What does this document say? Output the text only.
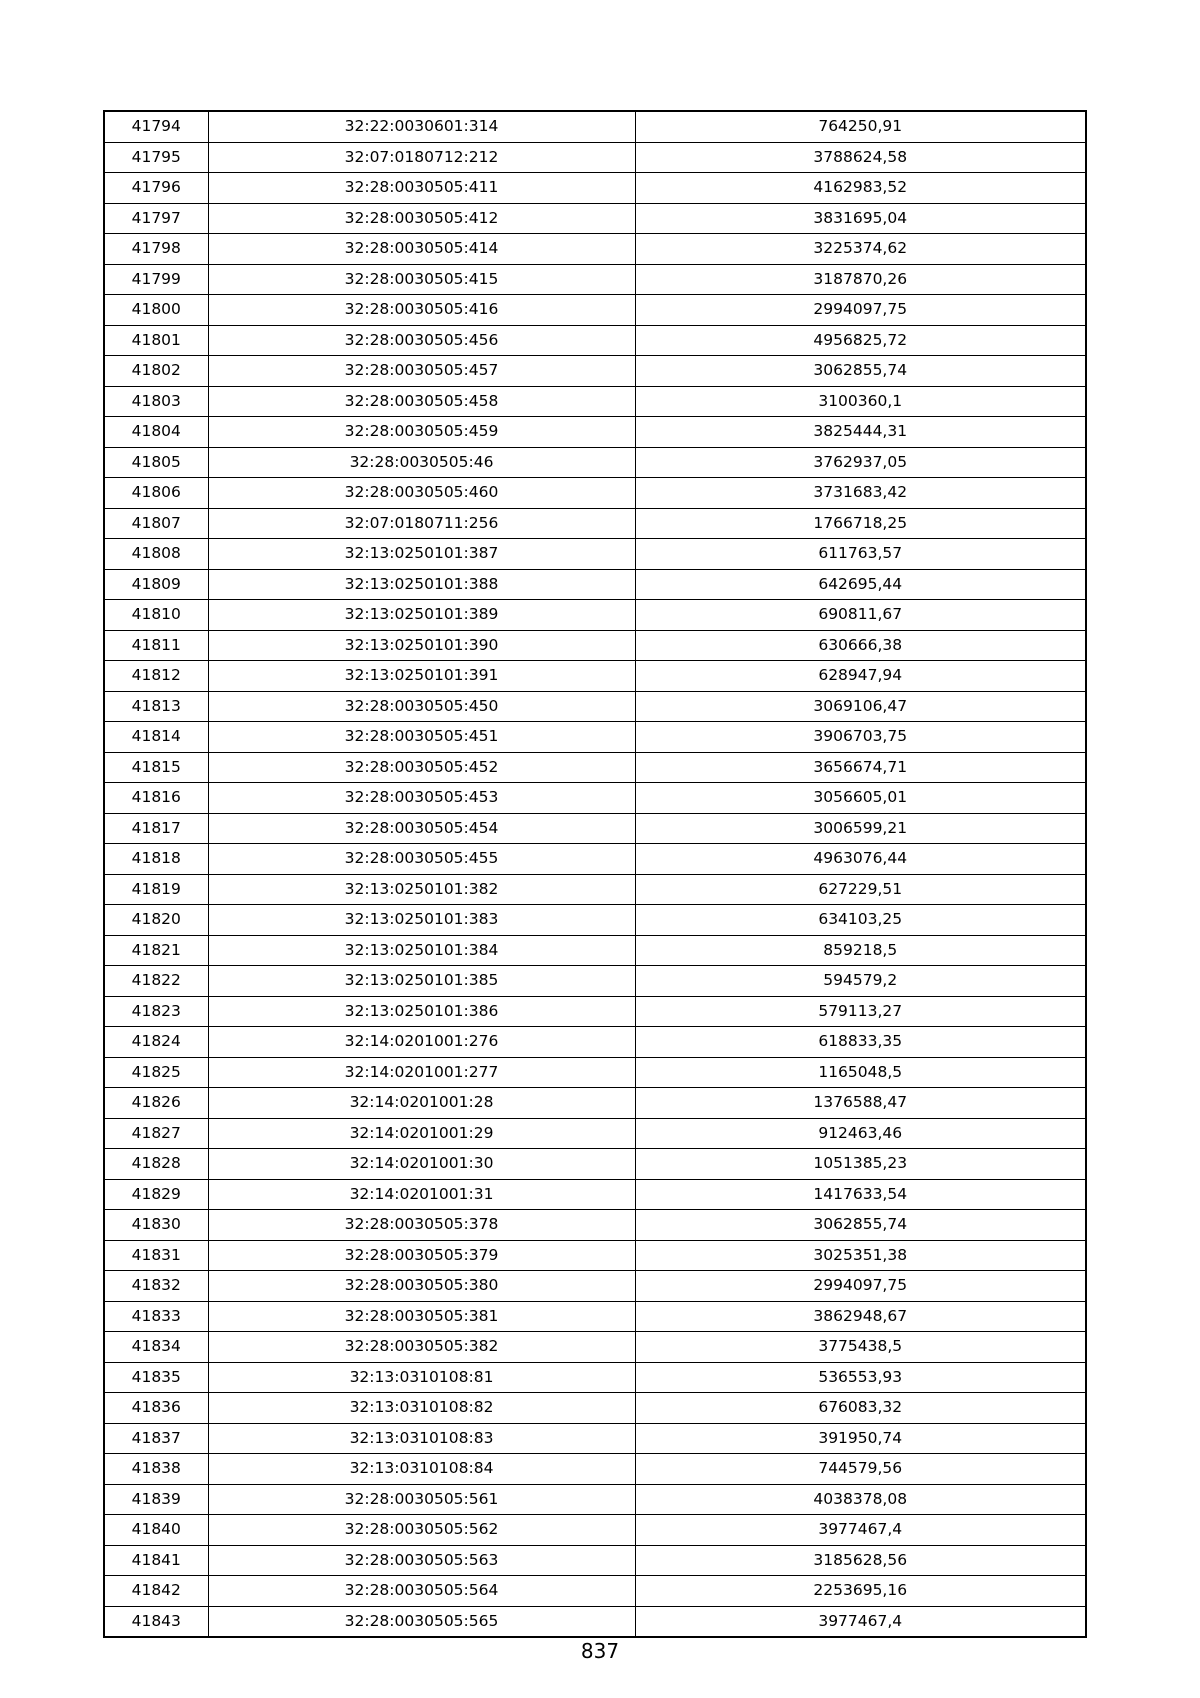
41794	32:22:0030601:314	764250,91
41795	32:07:0180712:212	3788624,58
41796	32:28:0030505:411	4162983,52
41797	32:28:0030505:412	3831695,04
41798	32:28:0030505:414	3225374,62
41799	32:28:0030505:415	3187870,26
41800	32:28:0030505:416	2994097,75
41801	32:28:0030505:456	4956825,72
41802	32:28:0030505:457	3062855,74
41803	32:28:0030505:458	3100360,1
41804	32:28:0030505:459	3825444,31
41805	32:28:0030505:46	3762937,05
41806	32:28:0030505:460	3731683,42
41807	32:07:0180711:256	1766718,25
41808	32:13:0250101:387	611763,57
41809	32:13:0250101:388	642695,44
41810	32:13:0250101:389	690811,67
41811	32:13:0250101:390	630666,38
41812	32:13:0250101:391	628947,94
41813	32:28:0030505:450	3069106,47
41814	32:28:0030505:451	3906703,75
41815	32:28:0030505:452	3656674,71
41816	32:28:0030505:453	3056605,01
41817	32:28:0030505:454	3006599,21
41818	32:28:0030505:455	4963076,44
41819	32:13:0250101:382	627229,51
41820	32:13:0250101:383	634103,25
41821	32:13:0250101:384	859218,5
41822	32:13:0250101:385	594579,2
41823	32:13:0250101:386	579113,27
41824	32:14:0201001:276	618833,35
41825	32:14:0201001:277	1165048,5
41826	32:14:0201001:28	1376588,47
41827	32:14:0201001:29	912463,46
41828	32:14:0201001:30	1051385,23
41829	32:14:0201001:31	1417633,54
41830	32:28:0030505:378	3062855,74
41831	32:28:0030505:379	3025351,38
41832	32:28:0030505:380	2994097,75
41833	32:28:0030505:381	3862948,67
41834	32:28:0030505:382	3775438,5
41835	32:13:0310108:81	536553,93
41836	32:13:0310108:82	676083,32
41837	32:13:0310108:83	391950,74
41838	32:13:0310108:84	744579,56
41839	32:28:0030505:561	4038378,08
41840	32:28:0030505:562	3977467,4
41841	32:28:0030505:563	3185628,56
41842	32:28:0030505:564	2253695,16
41843	32:28:0030505:565	3977467,4
837
